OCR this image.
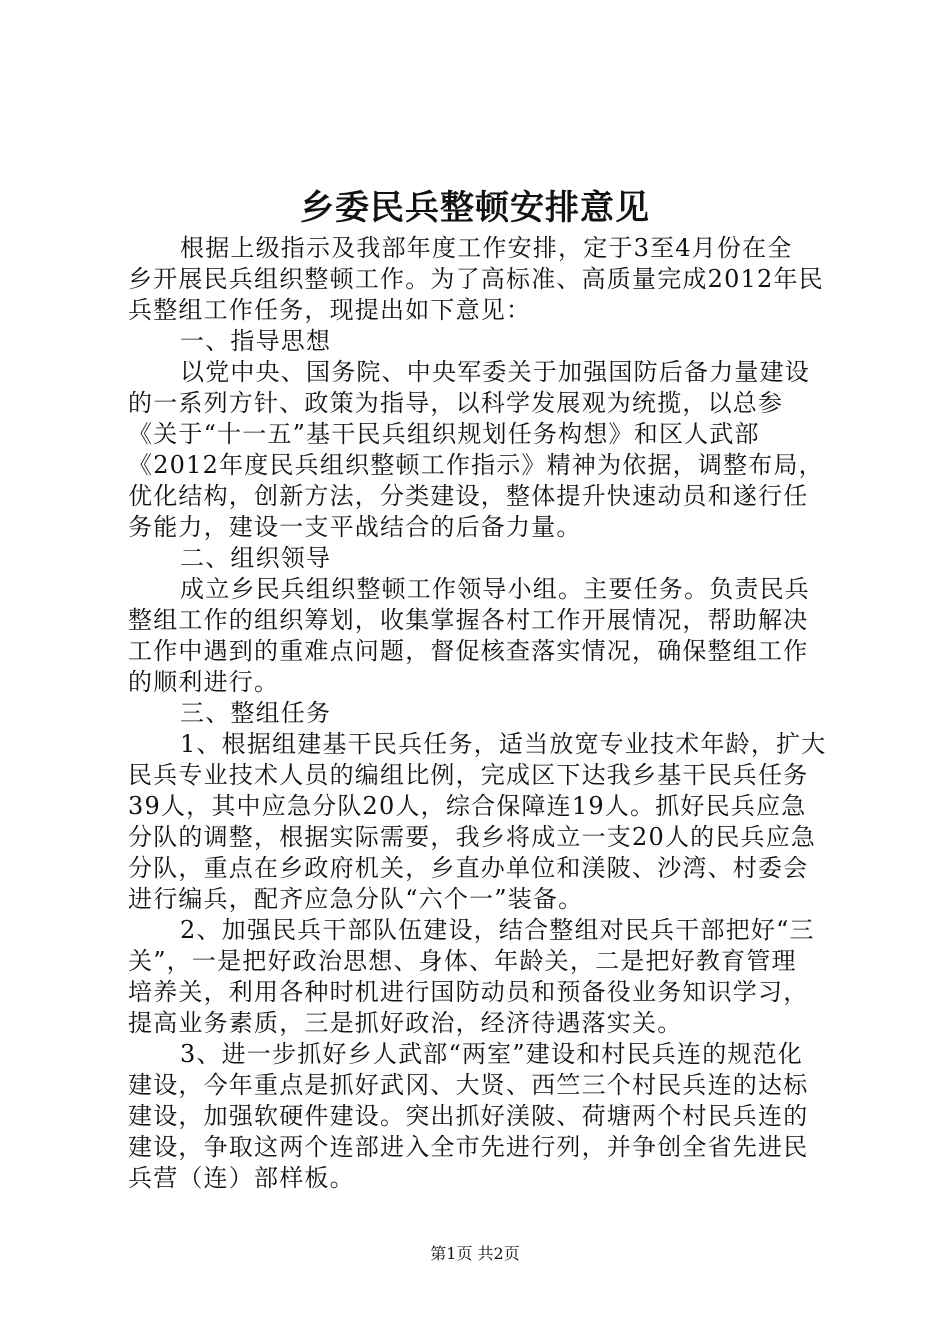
乡委民兵整顿安排意见
根据上级指示及我部年度工作安排，定于3至4月份在全
乡开展民兵组织整顿工作。为了高标准、高质量完成2012年民
兵整组工作任务，现提出如下意见：
一、指导思想
以党中央、国务院、中央军委关于加强国防后备力量建设
的一系列方针、政策为指导，以科学发展观为统揽，以总参
《关于“十一五”基干民兵组织规划任务构想》和区人武部
《2012年度民兵组织整顿工作指示》精神为依据，调整布局，
优化结构，创新方法，分类建设，整体提升快速动员和遂行任
务能力，建设一支平战结合的后备力量。
二、组织领导
成立乡民兵组织整顿工作领导小组。主要任务。负责民兵
整组工作的组织筹划，收集掌握各村工作开展情况，帮助解决
工作中遇到的重难点问题，督促核查落实情况，确保整组工作
的顺利进行。
三、整组任务
1、根据组建基干民兵任务，适当放宽专业技术年龄，扩大
民兵专业技术人员的编组比例，完成区下达我乡基干民兵任务
39人，其中应急分队20人，综合保障连19人。抓好民兵应急
分队的调整，根据实际需要，我乡将成立一支20人的民兵应急
分队，重点在乡政府机关，乡直办单位和渼陂、沙湾、村委会
进行编兵，配齐应急分队“六个一”装备。
2、加强民兵干部队伍建设，结合整组对民兵干部把好“三
关”，一是把好政治思想、身体、年龄关，二是把好教育管理
培养关，利用各种时机进行国防动员和预备役业务知识学习，
提高业务素质，三是抓好政治，经济待遇落实关。
3、进一步抓好乡人武部“两室”建设和村民兵连的规范化
建设，今年重点是抓好武冈、大贤、西竺三个村民兵连的达标
建设，加强软硬件建设。突出抓好渼陂、荷塘两个村民兵连的
建设，争取这两个连部进入全市先进行列，并争创全省先进民
兵营（连）部样板。
第1页 共2页
